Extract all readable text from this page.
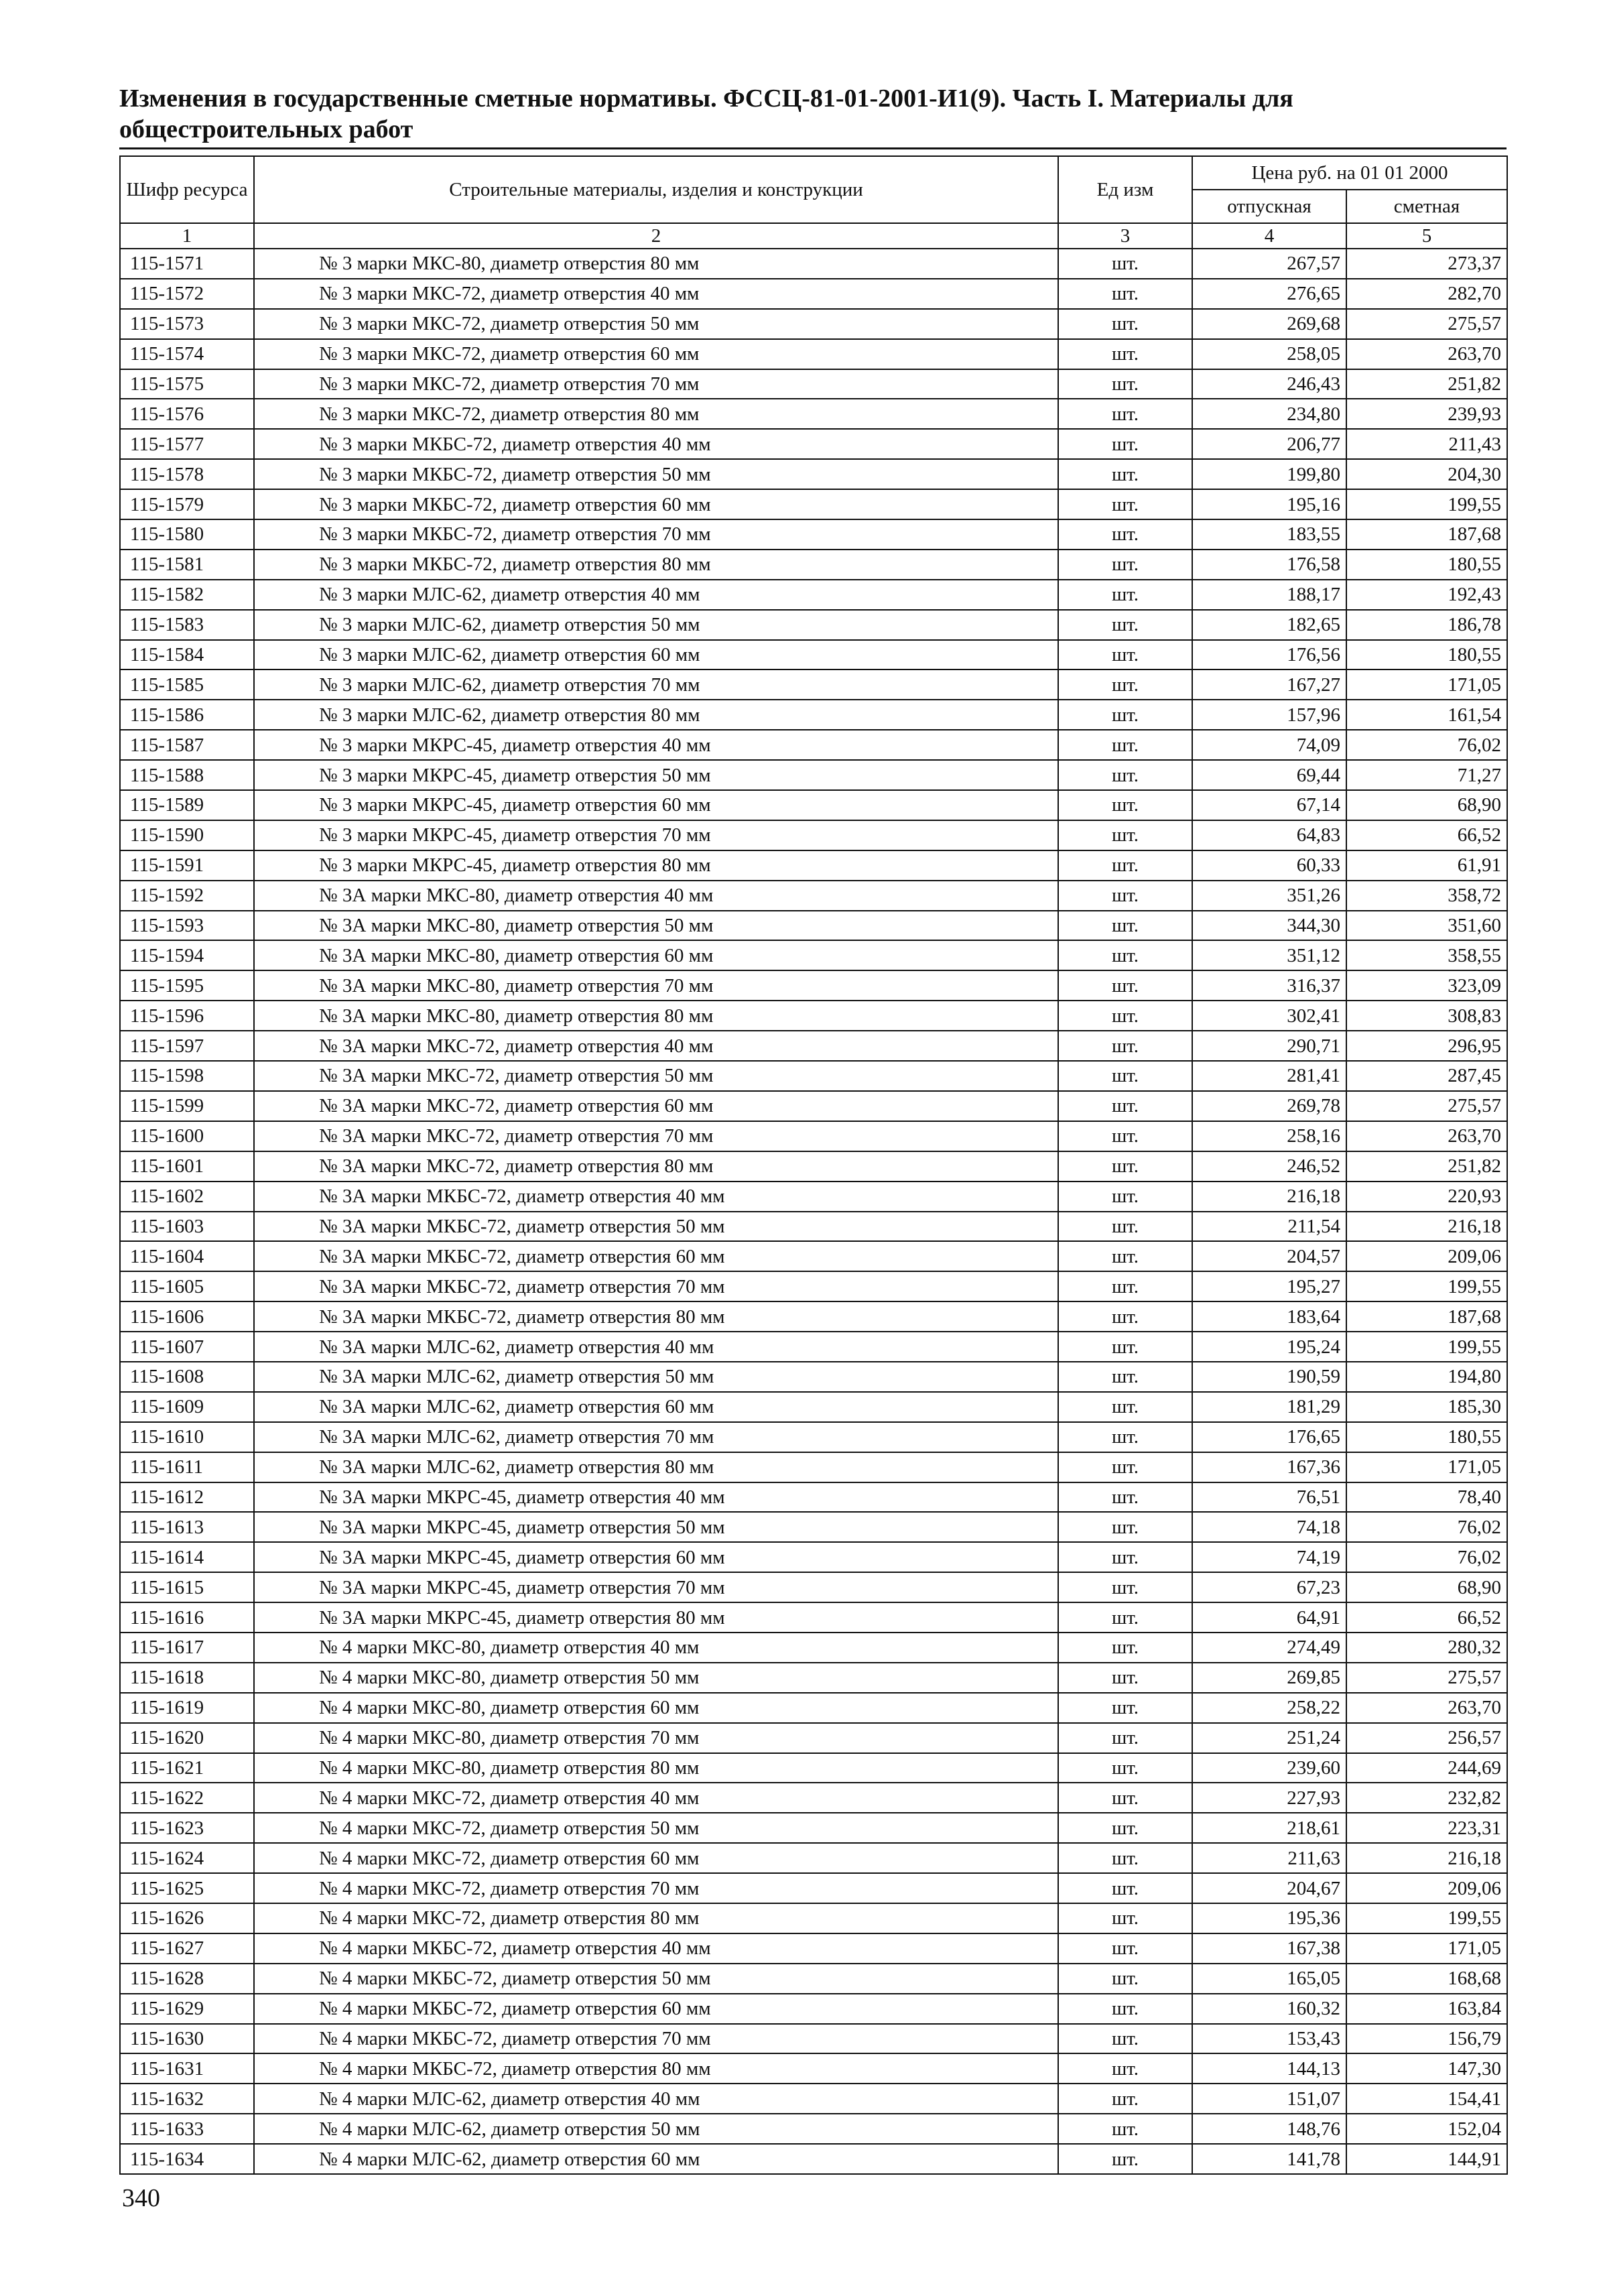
Изменения в государственные сметные нормативы. ФССЦ-81-01-2001-И1(9). Часть I. Материалы для общестроительных работ
Шифр ресурса	Строительные материалы, изделия и конструкции	Ед изм	Цена руб. на 01 01 2000	
			отпускная	сметная
1	2	3	4	5
115-1571	№ 3 марки МКС-80, диаметр отверстия 80 мм	шт.	267,57	273,37
115-1572	№ 3 марки МКС-72, диаметр отверстия 40 мм	шт.	276,65	282,70
115-1573	№ 3 марки МКС-72, диаметр отверстия 50 мм	шт.	269,68	275,57
115-1574	№ 3 марки МКС-72, диаметр отверстия 60 мм	шт.	258,05	263,70
115-1575	№ 3 марки МКС-72, диаметр отверстия 70 мм	шт.	246,43	251,82
115-1576	№ 3 марки МКС-72, диаметр отверстия 80 мм	шт.	234,80	239,93
115-1577	№ 3 марки МКБС-72, диаметр отверстия 40 мм	шт.	206,77	211,43
115-1578	№ 3 марки МКБС-72, диаметр отверстия 50 мм	шт.	199,80	204,30
115-1579	№ 3 марки МКБС-72, диаметр отверстия 60 мм	шт.	195,16	199,55
115-1580	№ 3 марки МКБС-72, диаметр отверстия 70 мм	шт.	183,55	187,68
115-1581	№ 3 марки МКБС-72, диаметр отверстия 80 мм	шт.	176,58	180,55
115-1582	№ 3 марки МЛС-62, диаметр отверстия 40 мм	шт.	188,17	192,43
115-1583	№ 3 марки МЛС-62, диаметр отверстия 50 мм	шт.	182,65	186,78
115-1584	№ 3 марки МЛС-62, диаметр отверстия 60 мм	шт.	176,56	180,55
115-1585	№ 3 марки МЛС-62, диаметр отверстия 70 мм	шт.	167,27	171,05
115-1586	№ 3 марки МЛС-62, диаметр отверстия 80 мм	шт.	157,96	161,54
115-1587	№ 3 марки МКРС-45, диаметр отверстия 40 мм	шт.	74,09	76,02
115-1588	№ 3 марки МКРС-45, диаметр отверстия 50 мм	шт.	69,44	71,27
115-1589	№ 3 марки МКРС-45, диаметр отверстия 60 мм	шт.	67,14	68,90
115-1590	№ 3 марки МКРС-45, диаметр отверстия 70 мм	шт.	64,83	66,52
115-1591	№ 3 марки МКРС-45, диаметр отверстия 80 мм	шт.	60,33	61,91
115-1592	№ 3А марки МКС-80, диаметр отверстия 40 мм	шт.	351,26	358,72
115-1593	№ 3А марки МКС-80, диаметр отверстия 50 мм	шт.	344,30	351,60
115-1594	№ 3А марки МКС-80, диаметр отверстия 60 мм	шт.	351,12	358,55
115-1595	№ 3А марки МКС-80, диаметр отверстия 70 мм	шт.	316,37	323,09
115-1596	№ 3А марки МКС-80, диаметр отверстия 80 мм	шт.	302,41	308,83
115-1597	№ 3А марки МКС-72, диаметр отверстия 40 мм	шт.	290,71	296,95
115-1598	№ 3А марки МКС-72, диаметр отверстия 50 мм	шт.	281,41	287,45
115-1599	№ 3А марки МКС-72, диаметр отверстия 60 мм	шт.	269,78	275,57
115-1600	№ 3А марки МКС-72, диаметр отверстия 70 мм	шт.	258,16	263,70
115-1601	№ 3А марки МКС-72, диаметр отверстия 80 мм	шт.	246,52	251,82
115-1602	№ 3А марки МКБС-72, диаметр отверстия 40 мм	шт.	216,18	220,93
115-1603	№ 3А марки МКБС-72, диаметр отверстия 50 мм	шт.	211,54	216,18
115-1604	№ 3А марки МКБС-72, диаметр отверстия 60 мм	шт.	204,57	209,06
115-1605	№ 3А марки МКБС-72, диаметр отверстия 70 мм	шт.	195,27	199,55
115-1606	№ 3А марки МКБС-72, диаметр отверстия 80 мм	шт.	183,64	187,68
115-1607	№ 3А марки МЛС-62, диаметр отверстия 40 мм	шт.	195,24	199,55
115-1608	№ 3А марки МЛС-62, диаметр отверстия 50 мм	шт.	190,59	194,80
115-1609	№ 3А марки МЛС-62, диаметр отверстия 60 мм	шт.	181,29	185,30
115-1610	№ 3А марки МЛС-62, диаметр отверстия 70 мм	шт.	176,65	180,55
115-1611	№ 3А марки МЛС-62, диаметр отверстия 80 мм	шт.	167,36	171,05
115-1612	№ 3А марки МКРС-45, диаметр отверстия 40 мм	шт.	76,51	78,40
115-1613	№ 3А марки МКРС-45, диаметр отверстия 50 мм	шт.	74,18	76,02
115-1614	№ 3А марки МКРС-45, диаметр отверстия 60 мм	шт.	74,19	76,02
115-1615	№ 3А марки МКРС-45, диаметр отверстия 70 мм	шт.	67,23	68,90
115-1616	№ 3А марки МКРС-45, диаметр отверстия 80 мм	шт.	64,91	66,52
115-1617	№ 4 марки МКС-80, диаметр отверстия 40 мм	шт.	274,49	280,32
115-1618	№ 4 марки МКС-80, диаметр отверстия 50 мм	шт.	269,85	275,57
115-1619	№ 4 марки МКС-80, диаметр отверстия 60 мм	шт.	258,22	263,70
115-1620	№ 4 марки МКС-80, диаметр отверстия 70 мм	шт.	251,24	256,57
115-1621	№ 4 марки МКС-80, диаметр отверстия 80 мм	шт.	239,60	244,69
115-1622	№ 4 марки МКС-72, диаметр отверстия 40 мм	шт.	227,93	232,82
115-1623	№ 4 марки МКС-72, диаметр отверстия 50 мм	шт.	218,61	223,31
115-1624	№ 4 марки МКС-72, диаметр отверстия 60 мм	шт.	211,63	216,18
115-1625	№ 4 марки МКС-72, диаметр отверстия 70 мм	шт.	204,67	209,06
115-1626	№ 4 марки МКС-72, диаметр отверстия 80 мм	шт.	195,36	199,55
115-1627	№ 4 марки МКБС-72, диаметр отверстия 40 мм	шт.	167,38	171,05
115-1628	№ 4 марки МКБС-72, диаметр отверстия 50 мм	шт.	165,05	168,68
115-1629	№ 4 марки МКБС-72, диаметр отверстия 60 мм	шт.	160,32	163,84
115-1630	№ 4 марки МКБС-72, диаметр отверстия 70 мм	шт.	153,43	156,79
115-1631	№ 4 марки МКБС-72, диаметр отверстия 80 мм	шт.	144,13	147,30
115-1632	№ 4 марки МЛС-62, диаметр отверстия 40 мм	шт.	151,07	154,41
115-1633	№ 4 марки МЛС-62, диаметр отверстия 50 мм	шт.	148,76	152,04
115-1634	№ 4 марки МЛС-62, диаметр отверстия 60 мм	шт.	141,78	144,91

340
